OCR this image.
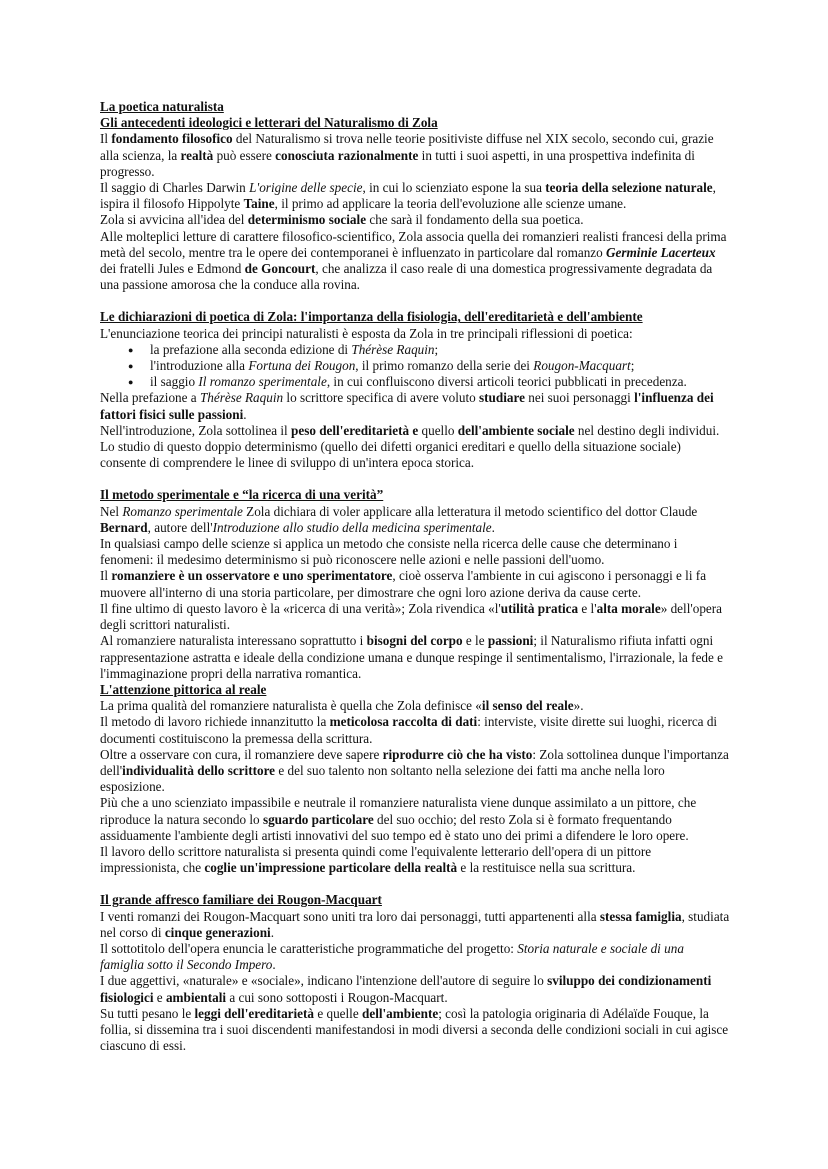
La poetica naturalista

Gli antecedenti ideologici e letterari del Naturalismo di Zola

Il fondamento filosofico del Naturalismo si trova nelle teorie positiviste diffuse nel XIX secolo, secondo cui, grazie alla scienza, la realtà può essere conosciuta razionalmente in tutti i suoi aspetti, in una prospettiva indefinita di progresso.

Il saggio di Charles Darwin L'origine delle specie, in cui lo scienziato espone la sua teoria della selezione naturale, ispira il filosofo Hippolyte Taine, il primo ad applicare la teoria dell'evoluzione alle scienze umane.

Zola si avvicina all'idea del determinismo sociale che sarà il fondamento della sua poetica.

Alle molteplici letture di carattere filosofico-scientifico, Zola associa quella dei romanzieri realisti francesi della prima metà del secolo, mentre tra le opere dei contemporanei è influenzato in particolare dal romanzo Germinie Lacerteux dei fratelli Jules e Edmond de Goncourt, che analizza il caso reale di una domestica progressivamente degradata da una passione amorosa che la conduce alla rovina.

Le dichiarazioni di poetica di Zola: l'importanza della fisiologia, dell'ereditarietà e dell'ambiente

L'enunciazione teorica dei principi naturalisti è esposta da Zola in tre principali riflessioni di poetica:

● la prefazione alla seconda edizione di Thérèse Raquin;
● l'introduzione alla Fortuna dei Rougon, il primo romanzo della serie dei Rougon-Macquart;
● il saggio Il romanzo sperimentale, in cui confluiscono diversi articoli teorici pubblicati in precedenza.

Nella prefazione a Thérèse Raquin lo scrittore specifica di avere voluto studiare nei suoi personaggi l'influenza dei fattori fisici sulle passioni.

Nell'introduzione, Zola sottolinea il peso dell'ereditarietà e quello dell'ambiente sociale nel destino degli individui.

Lo studio di questo doppio determinismo (quello dei difetti organici ereditari e quello della situazione sociale) consente di comprendere le linee di sviluppo di un'intera epoca storica.

Il metodo sperimentale e “la ricerca di una verità”

Nel Romanzo sperimentale Zola dichiara di voler applicare alla letteratura il metodo scientifico del dottor Claude Bernard, autore dell'Introduzione allo studio della medicina sperimentale.

In qualsiasi campo delle scienze si applica un metodo che consiste nella ricerca delle cause che determinano i fenomeni: il medesimo determinismo si può riconoscere nelle azioni e nelle passioni dell'uomo.

Il romanziere è un osservatore e uno sperimentatore, cioè osserva l'ambiente in cui agiscono i personaggi e li fa muovere all'interno di una storia particolare, per dimostrare che ogni loro azione deriva da cause certe.

Il fine ultimo di questo lavoro è la «ricerca di una verità»; Zola rivendica «l'utilità pratica e l'alta morale» dell'opera degli scrittori naturalisti.

Al romanziere naturalista interessano soprattutto i bisogni del corpo e le passioni; il Naturalismo rifiuta infatti ogni rappresentazione astratta e ideale della condizione umana e dunque respinge il sentimentalismo, l'irrazionale, la fede e l'immaginazione propri della narrativa romantica.

L'attenzione pittorica al reale

La prima qualità del romanziere naturalista è quella che Zola definisce «il senso del reale».

Il metodo di lavoro richiede innanzitutto la meticolosa raccolta di dati: interviste, visite dirette sui luoghi, ricerca di documenti costituiscono la premessa della scrittura.

Oltre a osservare con cura, il romanziere deve sapere riprodurre ciò che ha visto: Zola sottolinea dunque l'importanza dell'individualità dello scrittore e del suo talento non soltanto nella selezione dei fatti ma anche nella loro esposizione.

Più che a uno scienziato impassibile e neutrale il romanziere naturalista viene dunque assimilato a un pittore, che riproduce la natura secondo lo sguardo particolare del suo occhio; del resto Zola si è formato frequentando assiduamente l'ambiente degli artisti innovativi del suo tempo ed è stato uno dei primi a difendere le loro opere.

Il lavoro dello scrittore naturalista si presenta quindi come l'equivalente letterario dell'opera di un pittore impressionista, che coglie un'impressione particolare della realtà e la restituisce nella sua scrittura.

Il grande affresco familiare dei Rougon-Macquart

I venti romanzi dei Rougon-Macquart sono uniti tra loro dai personaggi, tutti appartenenti alla stessa famiglia, studiata nel corso di cinque generazioni.

Il sottotitolo dell'opera enuncia le caratteristiche programmatiche del progetto: Storia naturale e sociale di una famiglia sotto il Secondo Impero.

I due aggettivi, «naturale» e «sociale», indicano l'intenzione dell'autore di seguire lo sviluppo dei condizionamenti fisiologici e ambientali a cui sono sottoposti i Rougon-Macquart.

Su tutti pesano le leggi dell'ereditarietà e quelle dell'ambiente; così la patologia originaria di Adélaïde Fouque, la follia, si dissemina tra i suoi discendenti manifestandosi in modi diversi a seconda delle condizioni sociali in cui agisce ciascuno di essi.
